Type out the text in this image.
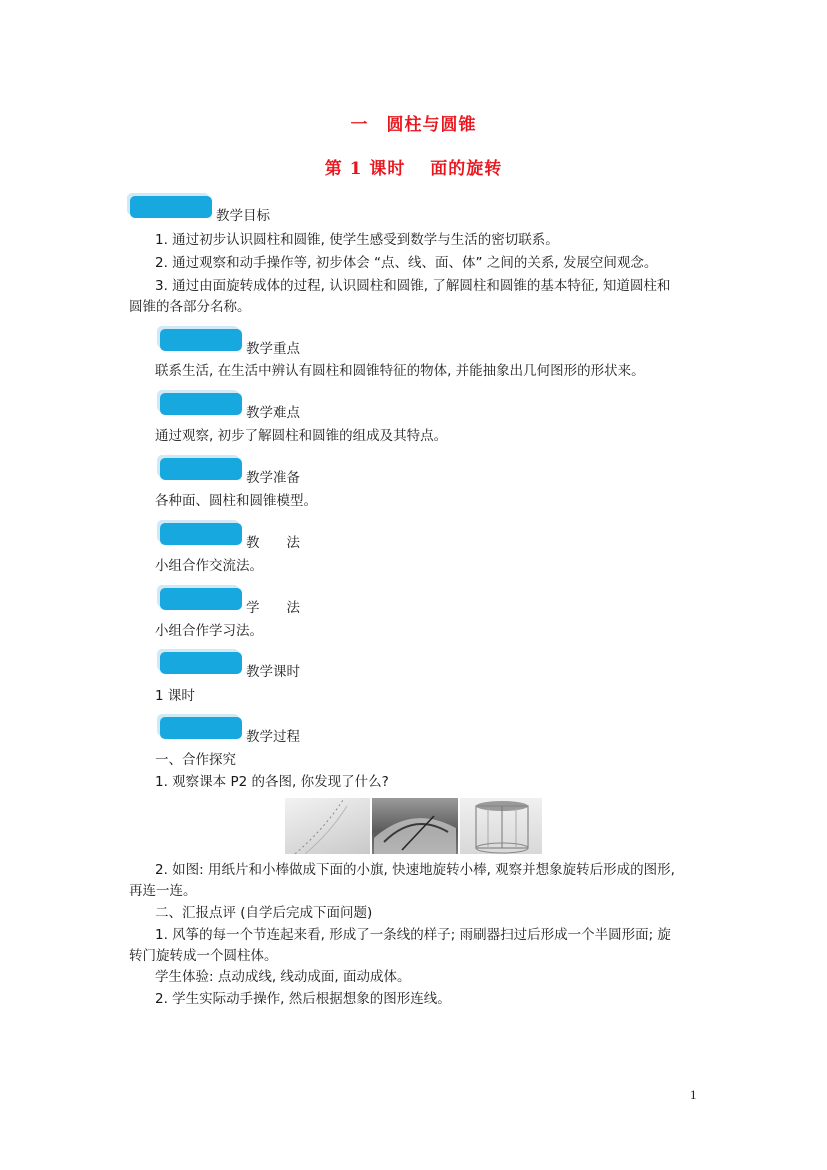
一　圆柱与圆锥
第 1 课时　 面的旋转
教学目标
1. 通过初步认识圆柱和圆锥, 使学生感受到数学与生活的密切联系。
2. 通过观察和动手操作等, 初步体会 “点、线、面、体” 之间的关系, 发展空间观念。
3. 通过由面旋转成体的过程, 认识圆柱和圆锥, 了解圆柱和圆锥的基本特征, 知道圆柱和
圆锥的各部分名称。
教学重点
联系生活, 在生活中辨认有圆柱和圆锥特征的物体, 并能抽象出几何图形的形状来。
教学难点
通过观察, 初步了解圆柱和圆锥的组成及其特点。
教学准备
各种面、圆柱和圆锥模型。
教　　法
小组合作交流法。
学　　法
小组合作学习法。
教学课时
1 课时
教学过程
一、合作探究
1. 观察课本 P2 的各图, 你发现了什么?
2. 如图: 用纸片和小棒做成下面的小旗, 快速地旋转小棒, 观察并想象旋转后形成的图形,
再连一连。
二、汇报点评 (自学后完成下面问题)
1. 风筝的每一个节连起来看, 形成了一条线的样子; 雨刷器扫过后形成一个半圆形面; 旋
转门旋转成一个圆柱体。
学生体验: 点动成线, 线动成面, 面动成体。
2. 学生实际动手操作, 然后根据想象的图形连线。
1
